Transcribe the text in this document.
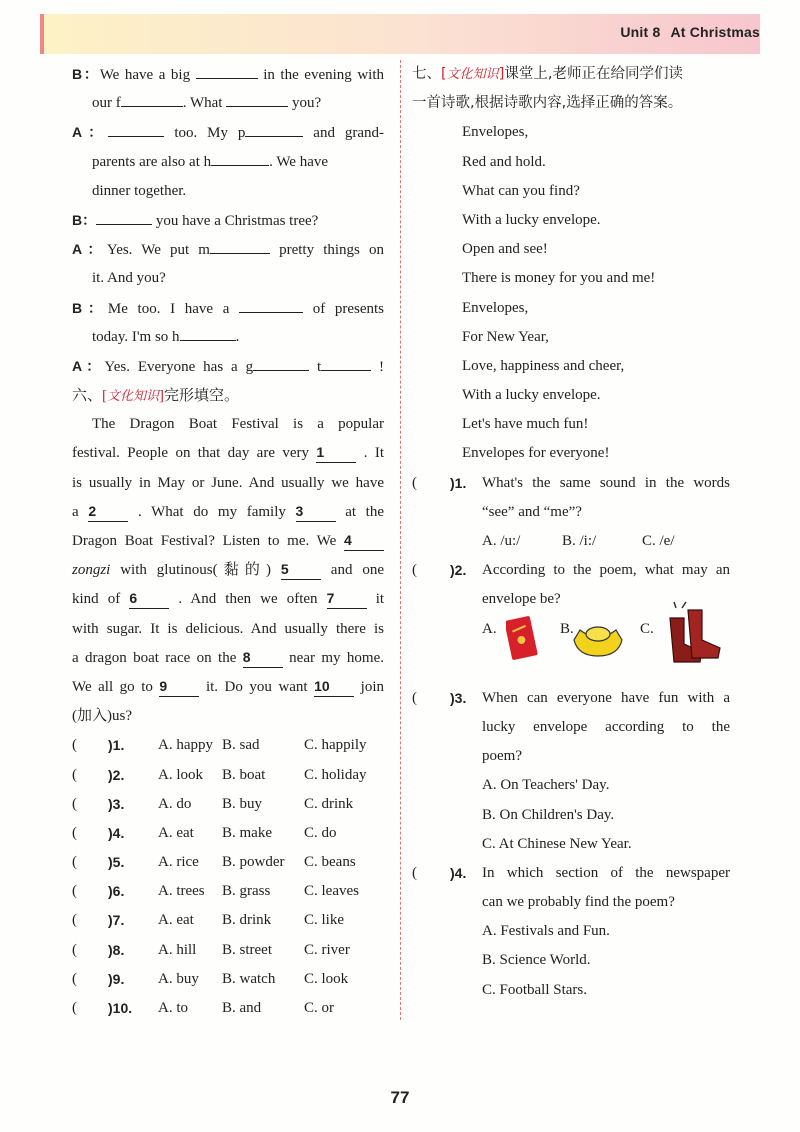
Unit 8 At Christmas
B：We have a big	in the evening with
our f	. What	you?
A：	too. My p	and grand-
parents are also at h	. We have
dinner together.
B：	you have a Christmas tree?
A：Yes. We put m	pretty things on
it. And you?
B：Me too. I have a	of presents
today. I'm so h	.
A：Yes. Everyone has a g	t	!
六、[文化知识]完形填空。
The Dragon Boat Festival is a popular
festival. People on that day are very 1	. It
is usually in May or June. And usually we have
a 2	. What do my family 3	at the
Dragon Boat Festival? Listen to me. We 4
zongzi with glutinous(黏的) 5	and one
kind of 6	. And then we often 7	it
with sugar. It is delicious. And usually there is
a dragon boat race on the 8	near my home.
We all go to 9	it. Do you want 10 join
(加入)us?
( )1. A. happy B. sad	C. happily
( )2. A. look B. boat	C. holiday
( )3. A. do B. buy	C. drink
( )4. A. eat B. make C. do
( )5. A. rice B. powder C. beans
( )6. A. trees B. grass C. leaves
( )7. A. eat B. drink C. like
( )8. A. hill B. street C. river
( )9. A. buy B. watch C. look
( )10. A. to B. and	C. or
七、[文化知识]课堂上,老师正在给同学们读
一首诗歌,根据诗歌内容,选择正确的答案。
Envelopes,
Red and hold.
What can you find?
With a lucky envelope.
Open and see!
There is money for you and me!
Envelopes,
For New Year,
Love, happiness and cheer,
With a lucky envelope.
Let's have much fun!
Envelopes for everyone!
( )1. What's the same sound in the words
“see” and “me”?
A. /u:/	B. /i:/	C. /e/
( )2. According to the poem, what may an
envelope be?
A.	B.	C.
( )3. When can everyone have fun with a
lucky envelope according to the
poem?
A. On Teachers' Day.
B. On Children's Day.
C. At Chinese New Year.
( )4. In which section of the newspaper
can we probably find the poem?
A. Festivals and Fun.
B. Science World.
C. Football Stars.
77
